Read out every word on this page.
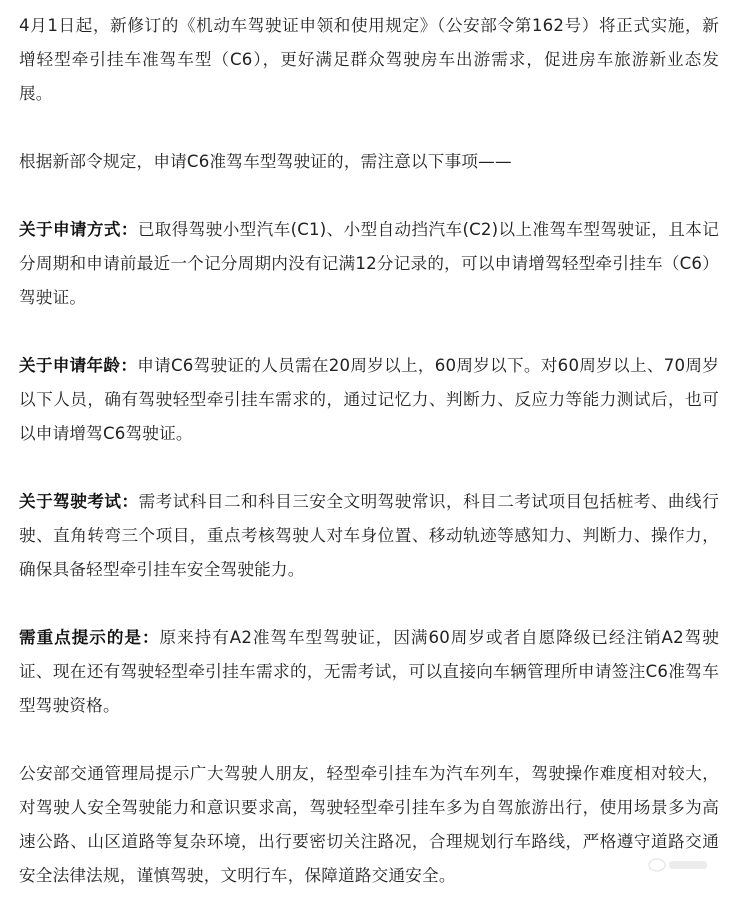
4月1日起，新修订的《机动车驾驶证申领和使用规定》（公安部令第162号）将正式实施，新增轻型牵引挂车准驾车型（C6），更好满足群众驾驶房车出游需求，促进房车旅游新业态发展。

根据新部令规定，申请C6准驾车型驾驶证的，需注意以下事项——

关于申请方式：已取得驾驶小型汽车(C1)、小型自动挡汽车(C2)以上准驾车型驾驶证，且本记分周期和申请前最近一个记分周期内没有记满12分记录的，可以申请增驾轻型牵引挂车（C6）驾驶证。

关于申请年龄：申请C6驾驶证的人员需在20周岁以上，60周岁以下。对60周岁以上、70周岁以下人员，确有驾驶轻型牵引挂车需求的，通过记忆力、判断力、反应力等能力测试后，也可以申请增驾C6驾驶证。

关于驾驶考试：需考试科目二和科目三安全文明驾驶常识，科目二考试项目包括桩考、曲线行驶、直角转弯三个项目，重点考核驾驶人对车身位置、移动轨迹等感知力、判断力、操作力，确保具备轻型牵引挂车安全驾驶能力。

需重点提示的是：原来持有A2准驾车型驾驶证，因满60周岁或者自愿降级已经注销A2驾驶证、现在还有驾驶轻型牵引挂车需求的，无需考试，可以直接向车辆管理所申请签注C6准驾车型驾驶资格。

公安部交通管理局提示广大驾驶人朋友，轻型牵引挂车为汽车列车，驾驶操作难度相对较大，对驾驶人安全驾驶能力和意识要求高，驾驶轻型牵引挂车多为自驾旅游出行，使用场景多为高速公路、山区道路等复杂环境，出行要密切关注路况，合理规划行车路线，严格遵守道路交通安全法律法规，谨慎驾驶，文明行车，保障道路交通安全。
